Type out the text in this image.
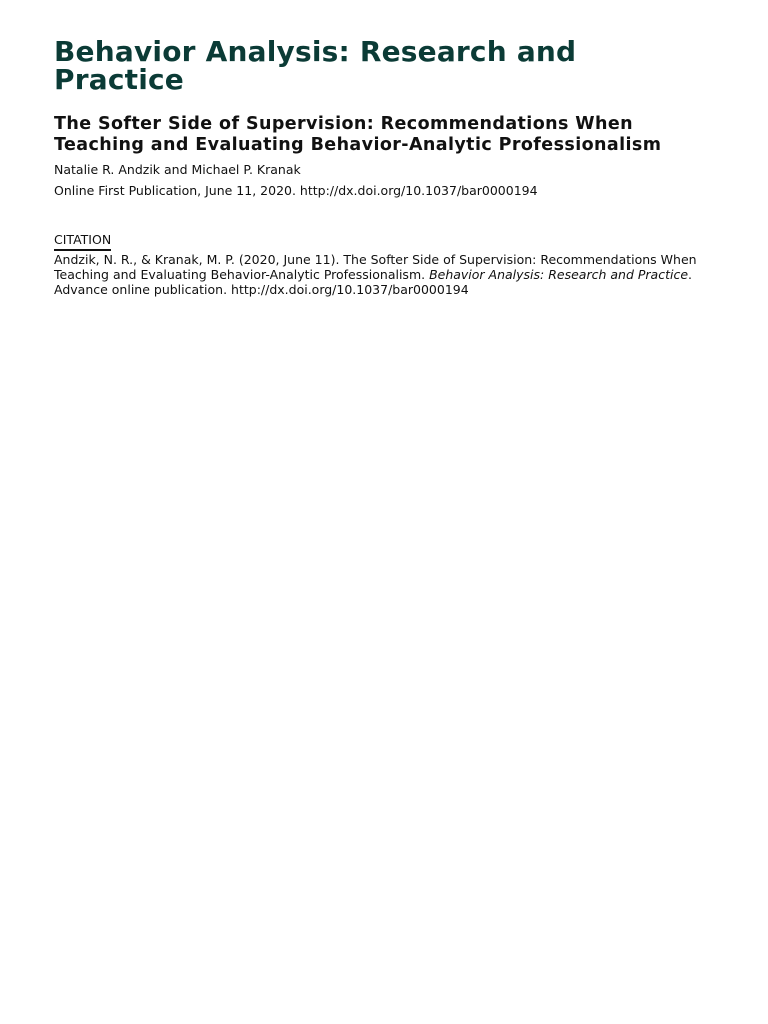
Behavior Analysis: Research and Practice
The Softer Side of Supervision: Recommendations When Teaching and Evaluating Behavior-Analytic Professionalism
Natalie R. Andzik and Michael P. Kranak
Online First Publication, June 11, 2020. http://dx.doi.org/10.1037/bar0000194
CITATION
Andzik, N. R., & Kranak, M. P. (2020, June 11). The Softer Side of Supervision: Recommendations When Teaching and Evaluating Behavior-Analytic Professionalism. Behavior Analysis: Research and Practice. Advance online publication. http://dx.doi.org/10.1037/bar0000194
